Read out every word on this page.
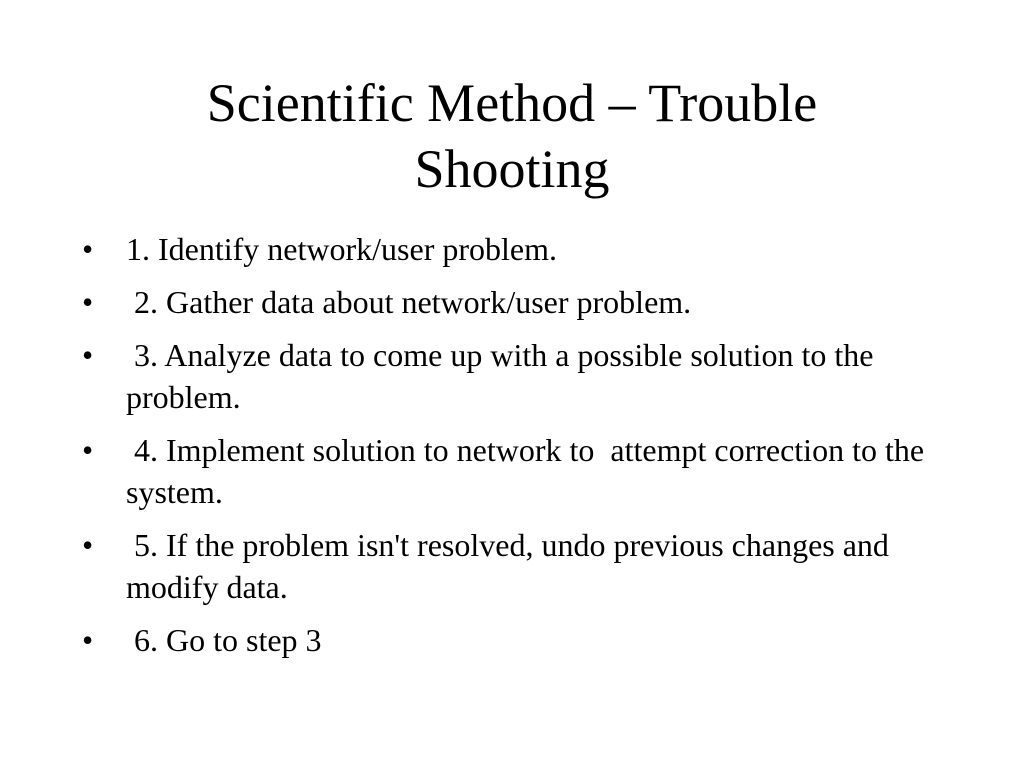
Scientific Method – Trouble
Shooting
•	1. Identify network/user problem.
•	2. Gather data about network/user problem.
•	3. Analyze data to come up with a possible solution to the problem.
•	4. Implement solution to network to  attempt correction to the system.
•	5. If the problem isn't resolved, undo previous changes and modify data.
•	6. Go to step 3
